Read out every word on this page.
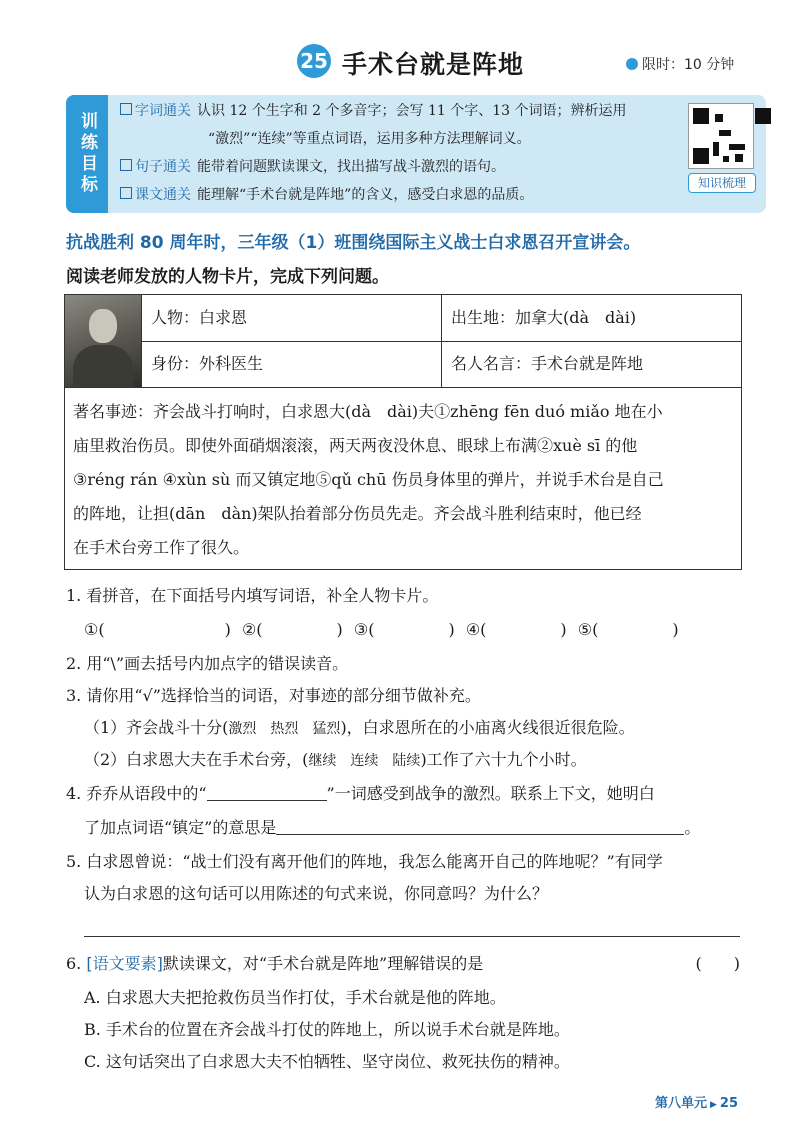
25 手术台就是阵地	限时：10 分钟
训练目标
字词通关 认识 12 个生字和 2 个多音字；会写 11 个字、13 个词语；辨析运用
“激烈”“连续”等重点词语，运用多种方法理解词义。
句子通关 能带着问题默读课文，找出描写战斗激烈的语句。
课文通关 能理解“手术台就是阵地”的含义，感受白求恩的品质。
知识梳理
抗战胜利 80 周年时，三年级（1）班围绕国际主义战士白求恩召开宣讲会。
阅读老师发放的人物卡片，完成下列问题。
人物：白求恩	出生地：加拿大(dà　dài)
身份：外科医生	名人名言：手术台就是阵地
著名事迹：齐会战斗打响时，白求恩大(dà　dài)夫①zhēng fēn duó miǎo 地在小
庙里救治伤员。即使外面硝烟滚滚，两天两夜没休息、眼球上布满②xuè sī 的他
③réng rán ④xùn sù 而又镇定地⑤qǔ chū 伤员身体里的弹片，并说手术台是自己
的阵地，让担(dān　dàn)架队抬着部分伤员先走。齐会战斗胜利结束时，他已经
在手术台旁工作了很久。
1. 看拼音，在下面括号内填写词语，补全人物卡片。
①(	) ②(	) ③(	) ④(	) ⑤(	)
2. 用“\”画去括号内加点字的错误读音。
3. 请你用“√”选择恰当的词语，对事迹的部分细节做补充。
（1）齐会战斗十分(激烈　热烈　猛烈)，白求恩所在的小庙离火线很近很危险。
（2）白求恩大夫在手术台旁，(继续　连续　陆续)工作了六十九个小时。
4. 乔乔从语段中的“	”一词感受到战争的激烈。联系上下文，她明白
了加点词语“镇定”的意思是	。
5. 白求恩曾说：“战士们没有离开他们的阵地，我怎么能离开自己的阵地呢？”有同学
认为白求恩的这句话可以用陈述的句式来说，你同意吗？为什么？
6. [语文要素]默读课文，对“手术台就是阵地”理解错误的是	(　　)
A. 白求恩大夫把抢救伤员当作打仗，手术台就是他的阵地。
B. 手术台的位置在齐会战斗打仗的阵地上，所以说手术台就是阵地。
C. 这句话突出了白求恩大夫不怕牺牲、坚守岗位、救死扶伤的精神。
第八单元 ▶ 25
